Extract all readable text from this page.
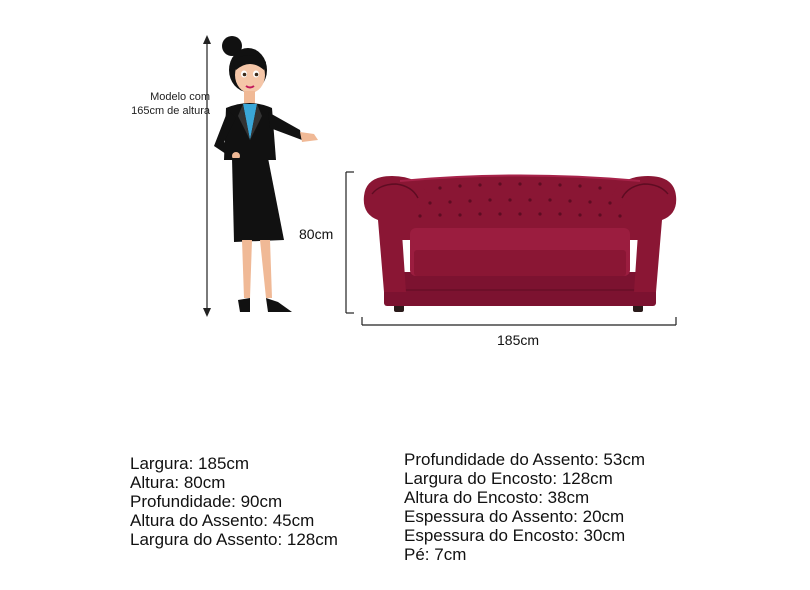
Modelo com
165cm de altura
80cm
185cm
Largura: 185cm
Altura: 80cm
Profundidade: 90cm
Altura do Assento: 45cm
Largura do Assento: 128cm
Profundidade do Assento: 53cm
Largura do Encosto: 128cm
Altura do Encosto: 38cm
Espessura do Assento: 20cm
Espessura do Encosto: 30cm
Pé: 7cm
